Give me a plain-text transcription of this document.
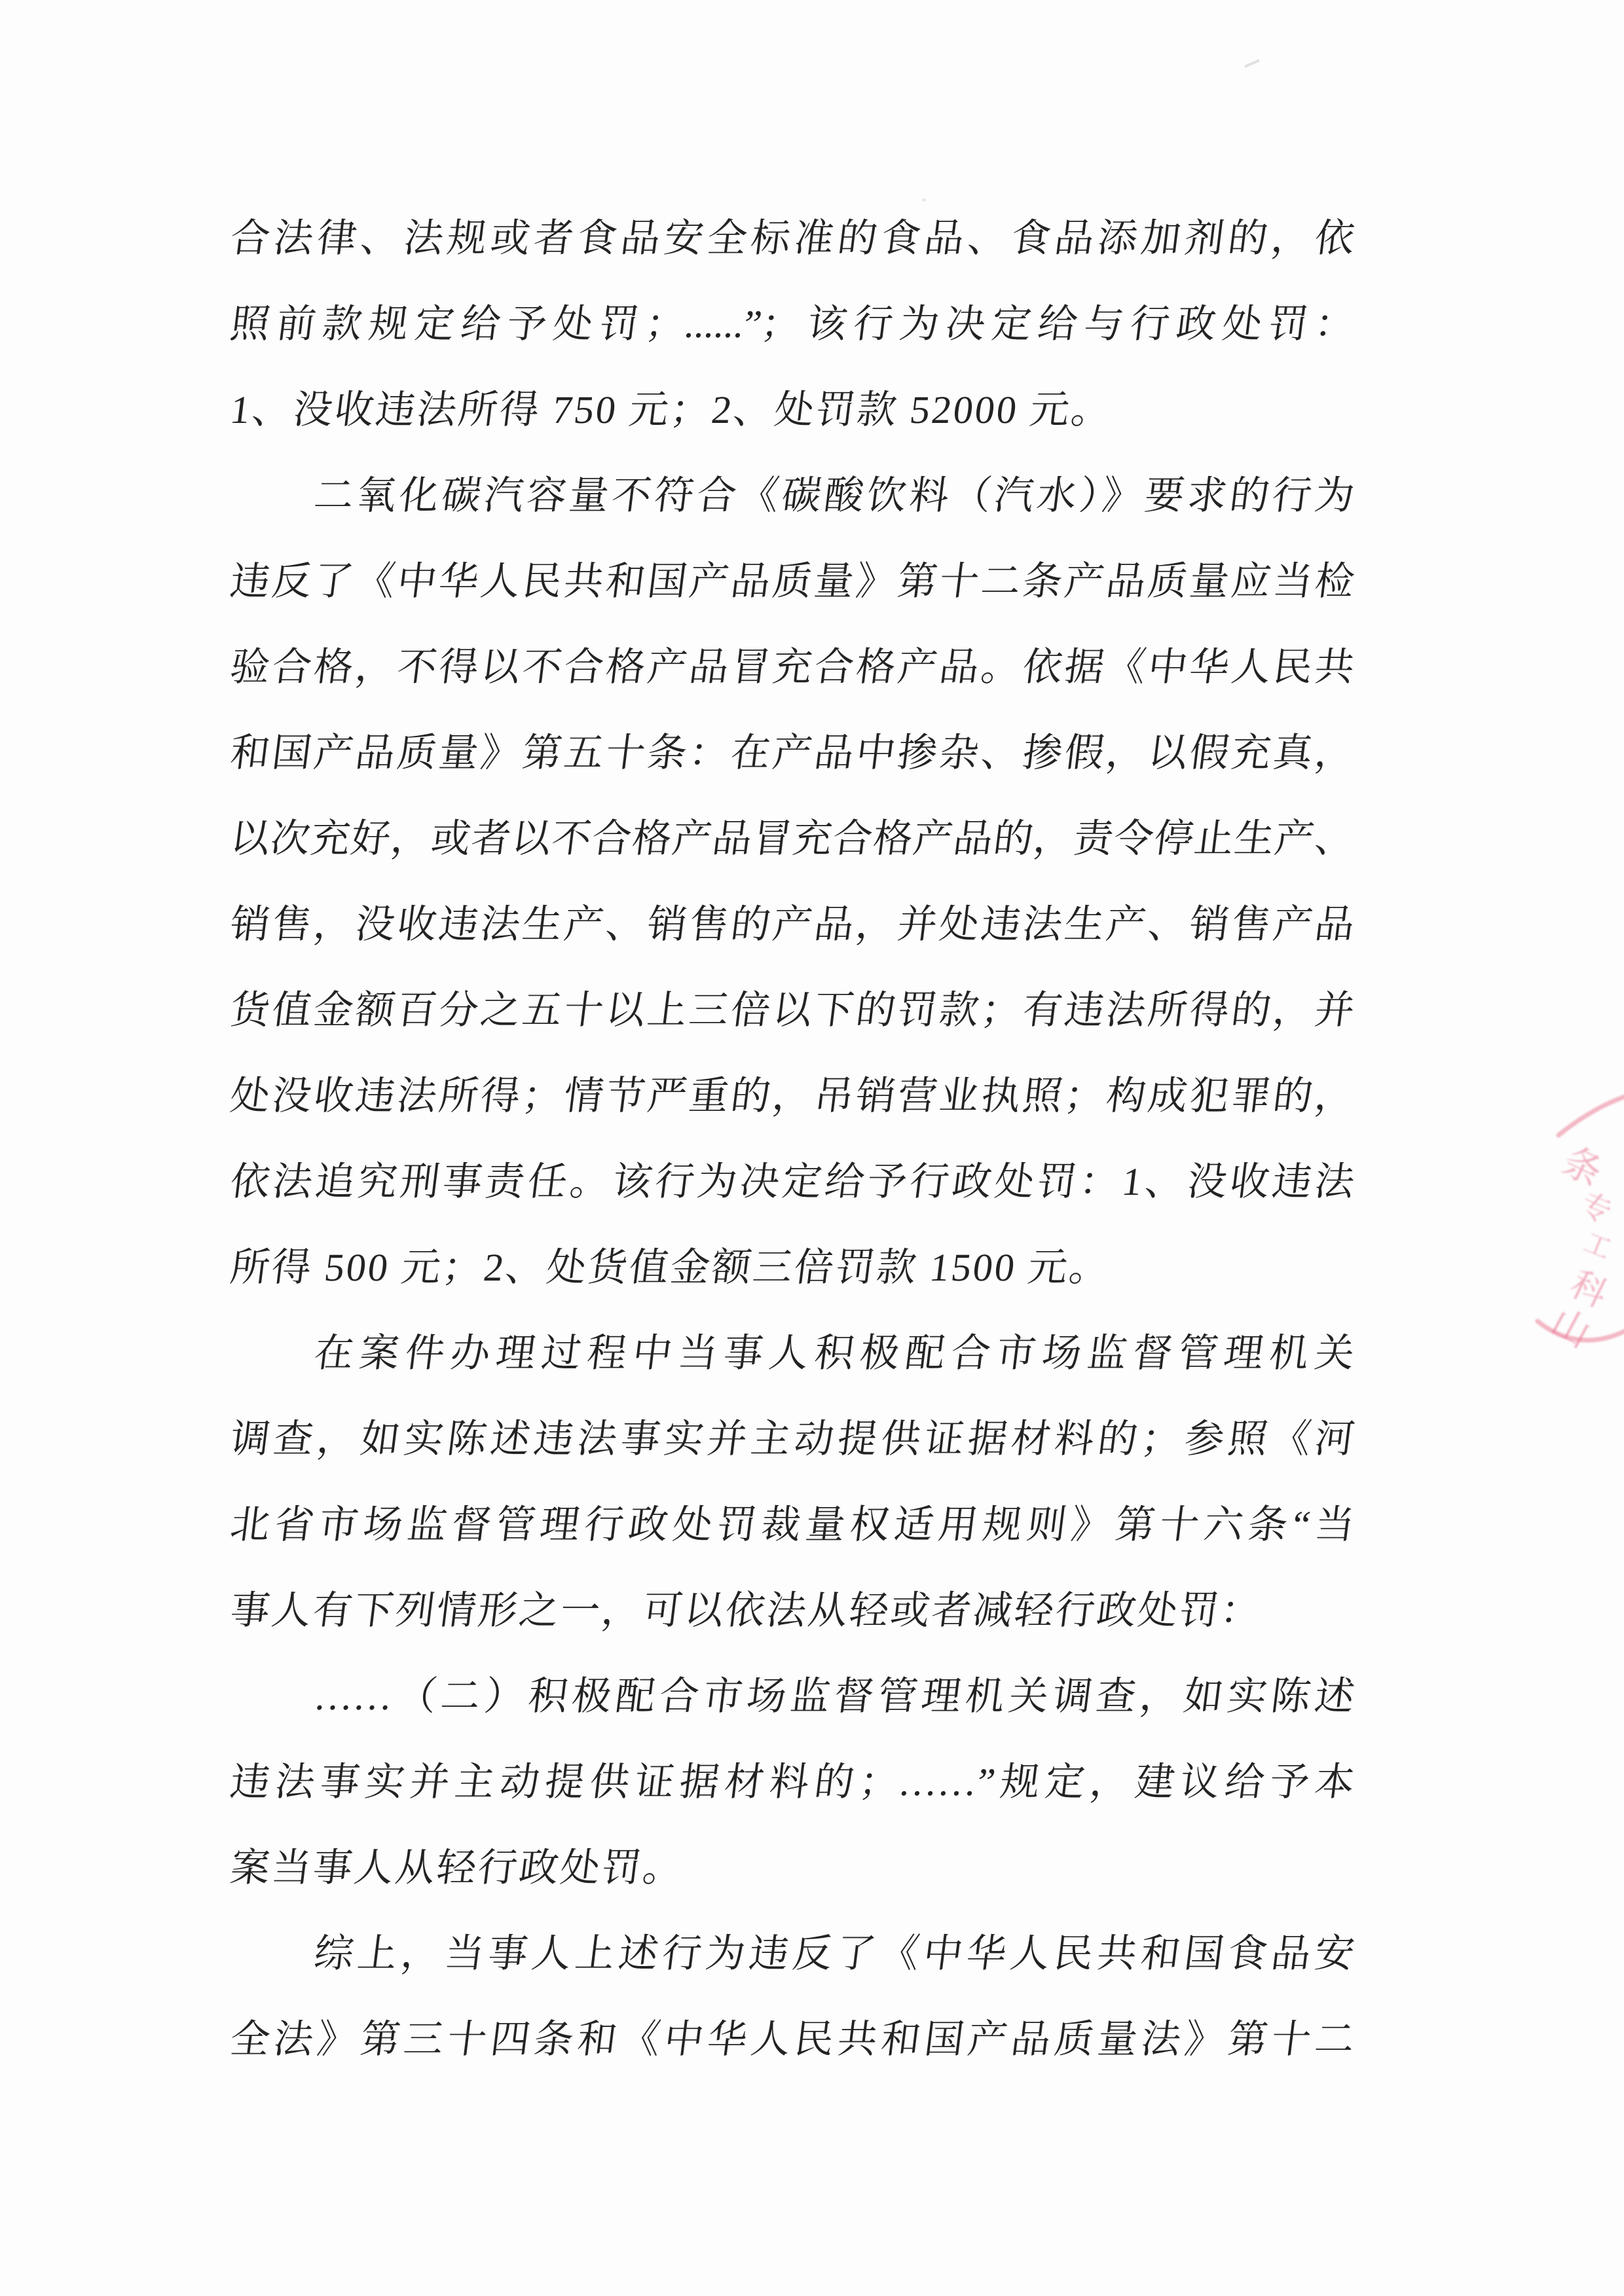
合法律、法规或者食品安全标准的食品、食品添加剂的，依
照前款规定给予处罚；......”；该行为决定给与行政处罚：
1、没收违法所得 750 元；2、处罚款 52000 元。
二氧化碳汽容量不符合《碳酸饮料（汽水）》要求的行为
违反了《中华人民共和国产品质量》第十二条产品质量应当检
验合格，不得以不合格产品冒充合格产品。依据《中华人民共
和国产品质量》第五十条：在产品中掺杂、掺假，以假充真，
以次充好，或者以不合格产品冒充合格产品的，责令停止生产、
销售，没收违法生产、销售的产品，并处违法生产、销售产品
货值金额百分之五十以上三倍以下的罚款；有违法所得的，并
处没收违法所得；情节严重的，吊销营业执照；构成犯罪的，
依法追究刑事责任。该行为决定给予行政处罚：1、没收违法
所得 500 元；2、处货值金额三倍罚款 1500 元。
在案件办理过程中当事人积极配合市场监督管理机关
调查，如实陈述违法事实并主动提供证据材料的；参照《河
北省市场监督管理行政处罚裁量权适用规则》第十六条“当
事人有下列情形之一，可以依法从轻或者减轻行政处罚：
……（二）积极配合市场监督管理机关调查，如实陈述
违法事实并主动提供证据材料的；……”规定，建议给予本
案当事人从轻行政处罚。
综上，当事人上述行为违反了《中华人民共和国食品安
全法》第三十四条和《中华人民共和国产品质量法》第十二
条
专
工
科
山
